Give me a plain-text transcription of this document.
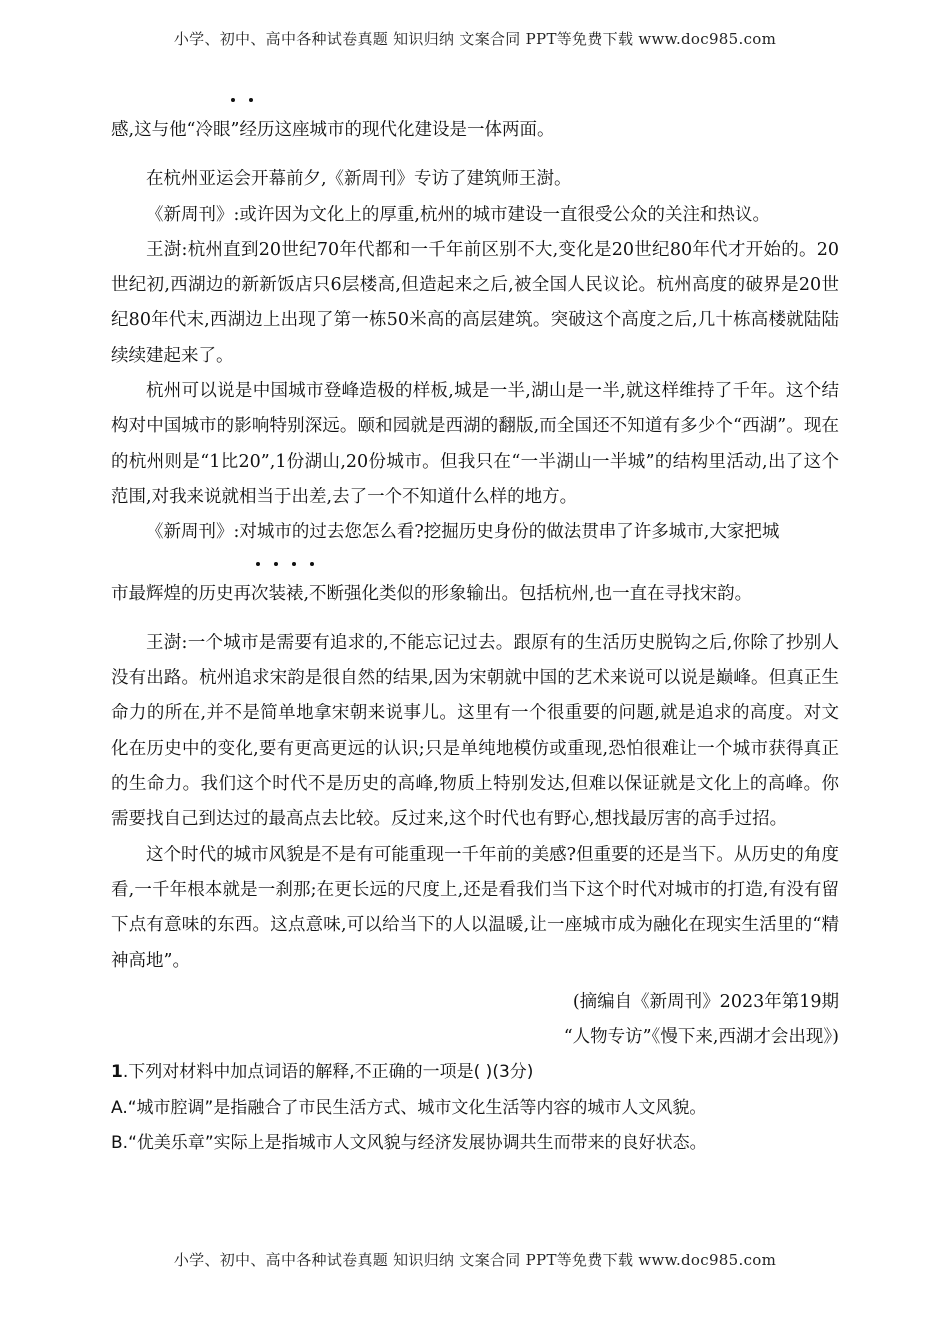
小学、初中、高中各种试卷真题 知识归纳 文案合同 PPT等免费下载 www.doc985.com

感,这与他“冷眼”经历这座城市的现代化建设是一体两面。

在杭州亚运会开幕前夕,《新周刊》专访了建筑师王澍。

《新周刊》:或许因为文化上的厚重,杭州的城市建设一直很受公众的关注和热议。

王澍:杭州直到20世纪70年代都和一千年前区别不大,变化是20世纪80年代才开始的。20世纪初,西湖边的新新饭店只6层楼高,但造起来之后,被全国人民议论。杭州高度的破界是20世纪80年代末,西湖边上出现了第一栋50米高的高层建筑。突破这个高度之后,几十栋高楼就陆陆续续建起来了。

杭州可以说是中国城市登峰造极的样板,城是一半,湖山是一半,就这样维持了千年。这个结构对中国城市的影响特别深远。颐和园就是西湖的翻版,而全国还不知道有多少个“西湖”。现在的杭州则是“1比20”,1份湖山,20份城市。但我只在“一半湖山一半城”的结构里活动,出了这个范围,对我来说就相当于出差,去了一个不知道什么样的地方。

《新周刊》:对城市的过去您怎么看?挖掘历史身份的做法贯串了许多城市,大家把城

市最辉煌的历史再次装裱,不断强化类似的形象输出。包括杭州,也一直在寻找宋韵。

王澍:一个城市是需要有追求的,不能忘记过去。跟原有的生活历史脱钩之后,你除了抄别人没有出路。杭州追求宋韵是很自然的结果,因为宋朝就中国的艺术来说可以说是巅峰。但真正生命力的所在,并不是简单地拿宋朝来说事儿。这里有一个很重要的问题,就是追求的高度。对文化在历史中的变化,要有更高更远的认识;只是单纯地模仿或重现,恐怕很难让一个城市获得真正的生命力。我们这个时代不是历史的高峰,物质上特别发达,但难以保证就是文化上的高峰。你需要找自己到达过的最高点去比较。反过来,这个时代也有野心,想找最厉害的高手过招。

这个时代的城市风貌是不是有可能重现一千年前的美感?但重要的还是当下。从历史的角度看,一千年根本就是一刹那;在更长远的尺度上,还是看我们当下这个时代对城市的打造,有没有留下点有意味的东西。这点意味,可以给当下的人以温暖,让一座城市成为融化在现实生活里的“精神高地”。

(摘编自《新周刊》2023年第19期

“人物专访”《慢下来,西湖才会出现》)

1.下列对材料中加点词语的解释,不正确的一项是( )(3分)

A.“城市腔调”是指融合了市民生活方式、城市文化生活等内容的城市人文风貌。

B.“优美乐章”实际上是指城市人文风貌与经济发展协调共生而带来的良好状态。

小学、初中、高中各种试卷真题 知识归纳 文案合同 PPT等免费下载 www.doc985.com
